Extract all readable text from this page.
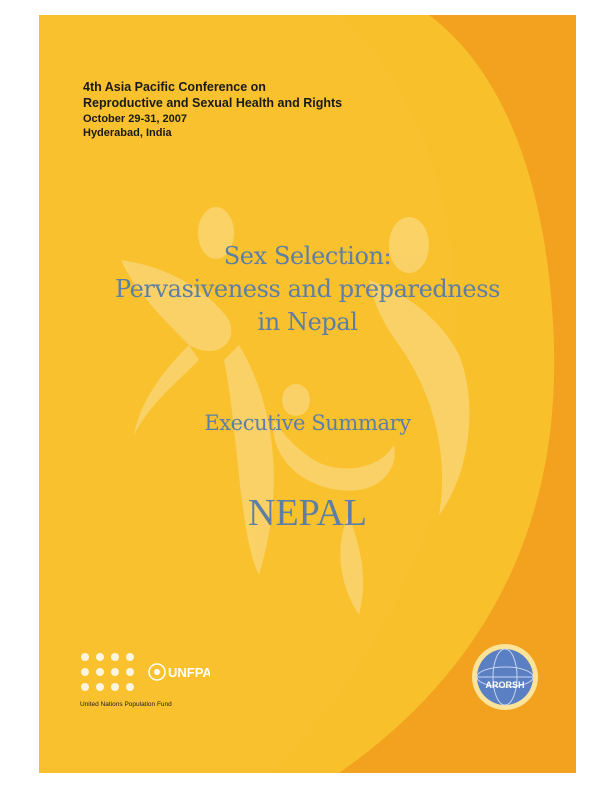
4th Asia Pacific Conference on
Reproductive and Sexual Health and Rights
October 29-31, 2007
Hyderabad, India
Sex Selection:
Pervasiveness and preparedness
in Nepal
Executive Summary
NEPAL
UNFPA
United Nations Population Fund
ARORSH
